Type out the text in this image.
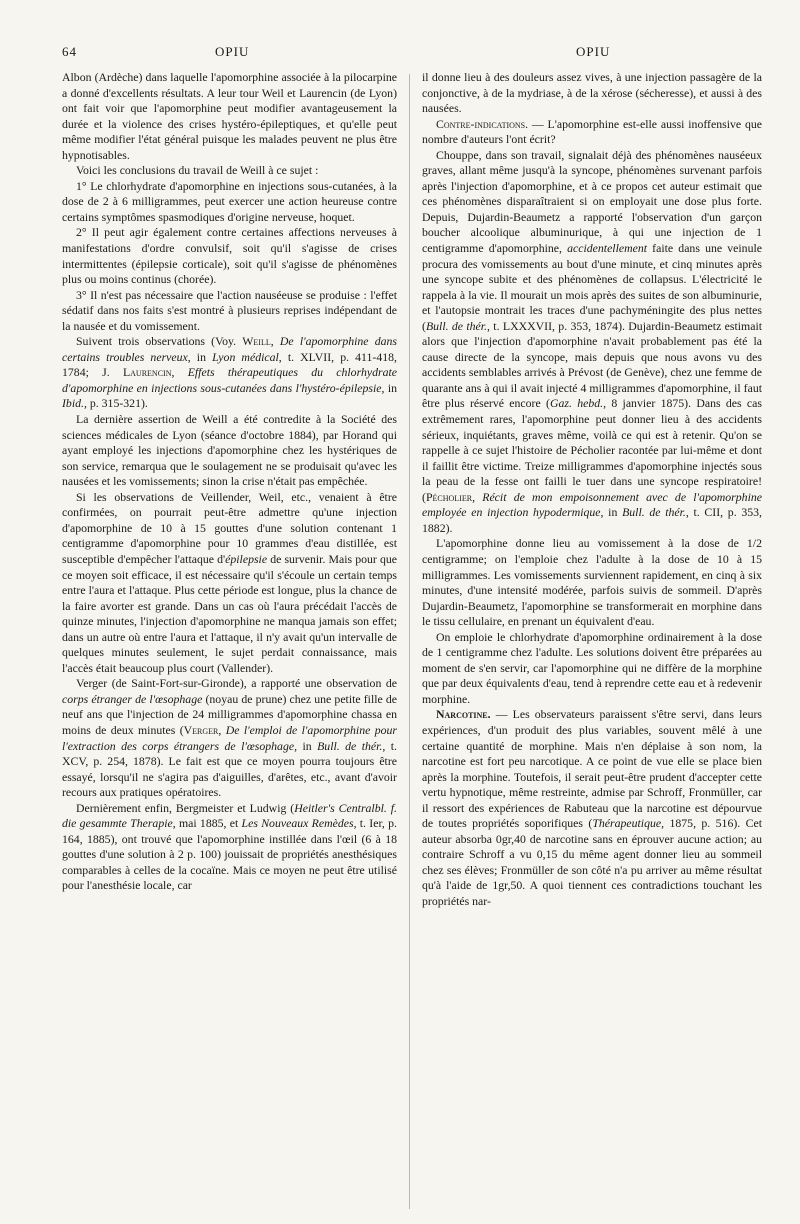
64	OPIU	OPIU

Albon (Ardèche) dans laquelle l'apomorphine associée à la pilocarpine a donné d'excellents résultats. A leur tour Weil et Laurencin (de Lyon) ont fait voir que l'apomorphine peut modifier avantageusement la durée et la violence des crises hystéro-épileptiques, et qu'elle peut même modifier l'état général puisque les malades peuvent ne plus être hypnotisables.

Voici les conclusions du travail de Weill à ce sujet :

1° Le chlorhydrate d'apomorphine en injections sous-cutanées, à la dose de 2 à 6 milligrammes, peut exercer une action heureuse contre certains symptômes spasmodiques d'origine nerveuse, hoquet.

2° Il peut agir également contre certaines affections nerveuses à manifestations d'ordre convulsif, soit qu'il s'agisse de crises intermittentes (épilepsie corticale), soit qu'il s'agisse de phénomènes plus ou moins continus (chorée).

3° Il n'est pas nécessaire que l'action nauséeuse se produise : l'effet sédatif dans nos faits s'est montré à plusieurs reprises indépendant de la nausée et du vomissement.

Suivent trois observations (Voy. Weill, De l'apomorphine dans certains troubles nerveux, in Lyon médical, t. XLVII, p. 411-418, 1784; J. Laurencin, Effets thérapeutiques du chlorhydrate d'apomorphine en injections sous-cutanées dans l'hystéro-épilepsie, in Ibid., p. 315-321).

La dernière assertion de Weill a été contredite à la Société des sciences médicales de Lyon (séance d'octobre 1884), par Horand qui ayant employé les injections d'apomorphine chez les hystériques de son service, remarqua que le soulagement ne se produisait qu'avec les nausées et les vomissements; sinon la crise n'était pas empêchée.

Si les observations de Veillender, Weil, etc., venaient à être confirmées, on pourrait peut-être admettre qu'une injection d'apomorphine de 10 à 15 gouttes d'une solution contenant 1 centigramme d'apomorphine pour 10 grammes d'eau distillée, est susceptible d'empêcher l'attaque d'épilepsie de survenir. Mais pour que ce moyen soit efficace, il est nécessaire qu'il s'écoule un certain temps entre l'aura et l'attaque. Plus cette période est longue, plus la chance de la faire avorter est grande. Dans un cas où l'aura précédait l'accès de quinze minutes, l'injection d'apomorphine ne manqua jamais son effet; dans un autre où entre l'aura et l'attaque, il n'y avait qu'un intervalle de quelques minutes seulement, le sujet perdait connaissance, mais l'accès était beaucoup plus court (Vallender).

Verger (de Saint-Fort-sur-Gironde), a rapporté une observation de corps étranger de l'œsophage (noyau de prune) chez une petite fille de neuf ans que l'injection de 24 milligrammes d'apomorphine chassa en moins de deux minutes (Verger, De l'emploi de l'apomorphine pour l'extraction des corps étrangers de l'œsophage, in Bull. de thér., t. XCV, p. 254, 1878). Le fait est que ce moyen pourra toujours être essayé, lorsqu'il ne s'agira pas d'aiguilles, d'arêtes, etc., avant d'avoir recours aux pratiques opératoires.

Dernièrement enfin, Bergmeister et Ludwig (Heitler's Centralbl. f. die gesammte Therapie, mai 1885, et Les Nouveaux Remèdes, t. Ier, p. 164, 1885), ont trouvé que l'apomorphine instillée dans l'œil (6 à 18 gouttes d'une solution à 2 p. 100) jouissait de propriétés anesthésiques comparables à celles de la cocaïne. Mais ce moyen ne peut être utilisé pour l'anesthésie locale, car

il donne lieu à des douleurs assez vives, à une injection passagère de la conjonctive, à de la mydriase, à de la xérose (sécheresse), et aussi à des nausées.

Contre-indications. — L'apomorphine est-elle aussi inoffensive que nombre d'auteurs l'ont écrit?

Chouppe, dans son travail, signalait déjà des phénomènes nauséeux graves, allant même jusqu'à la syncope, phénomènes survenant parfois après l'injection d'apomorphine, et à ce propos cet auteur estimait que ces phénomènes disparaîtraient si on employait une dose plus forte. Depuis, Dujardin-Beaumetz a rapporté l'observation d'un garçon boucher alcoolique albuminurique, à qui une injection de 1 centigramme d'apomorphine, accidentellement faite dans une veinule procura des vomissements au bout d'une minute, et cinq minutes après une syncope subite et des phénomènes de collapsus. L'électricité le rappela à la vie. Il mourait un mois après des suites de son albuminurie, et l'autopsie montrait les traces d'une pachyméningite des plus nettes (Bull. de thér., t. LXXXVII, p. 353, 1874). Dujardin-Beaumetz estimait alors que l'injection d'apomorphine n'avait probablement pas été la cause directe de la syncope, mais depuis que nous avons vu des accidents semblables arrivés à Prévost (de Genève), chez une femme de quarante ans à qui il avait injecté 4 milligrammes d'apomorphine, il faut être plus réservé encore (Gaz. hebd., 8 janvier 1875). Dans des cas extrêmement rares, l'apomorphine peut donner lieu à des accidents sérieux, inquiétants, graves même, voilà ce qui est à retenir. Qu'on se rappelle à ce sujet l'histoire de Pécholier racontée par lui-même et dont il faillit être victime. Treize milligrammes d'apomorphine injectés sous la peau de la fesse ont failli le tuer dans une syncope respiratoire! (Pécholier, Récit de mon empoisonnement avec de l'apomorphine employée en injection hypodermique, in Bull. de thér., t. CII, p. 353, 1882).

L'apomorphine donne lieu au vomissement à la dose de 1/2 centigramme; on l'emploie chez l'adulte à la dose de 10 à 15 milligrammes. Les vomissements surviennent rapidement, en cinq à six minutes, d'une intensité modérée, parfois suivis de sommeil. D'après Dujardin-Beaumetz, l'apomorphine se transformerait en morphine dans le tissu cellulaire, en prenant un équivalent d'eau.

On emploie le chlorhydrate d'apomorphine ordinairement à la dose de 1 centigramme chez l'adulte. Les solutions doivent être préparées au moment de s'en servir, car l'apomorphine qui ne diffère de la morphine que par deux équivalents d'eau, tend à reprendre cette eau et à redevenir morphine.

Narcotine. — Les observateurs paraissent s'être servi, dans leurs expériences, d'un produit des plus variables, souvent mêlé à une certaine quantité de morphine. Mais n'en déplaise à son nom, la narcotine est fort peu narcotique. A ce point de vue elle se place bien après la morphine. Toutefois, il serait peut-être prudent d'accepter cette vertu hypnotique, même restreinte, admise par Schroff, Fronmüller, car il ressort des expériences de Rabuteau que la narcotine est dépourvue de toutes propriétés soporifiques (Thérapeutique, 1875, p. 516). Cet auteur absorba 0gr,40 de narcotine sans en éprouver aucune action; au contraire Schroff a vu 0,15 du même agent donner lieu au sommeil chez ses élèves; Fronmüller de son côté n'a pu arriver au même résultat qu'à l'aide de 1gr,50. A quoi tiennent ces contradictions touchant les propriétés nar-
